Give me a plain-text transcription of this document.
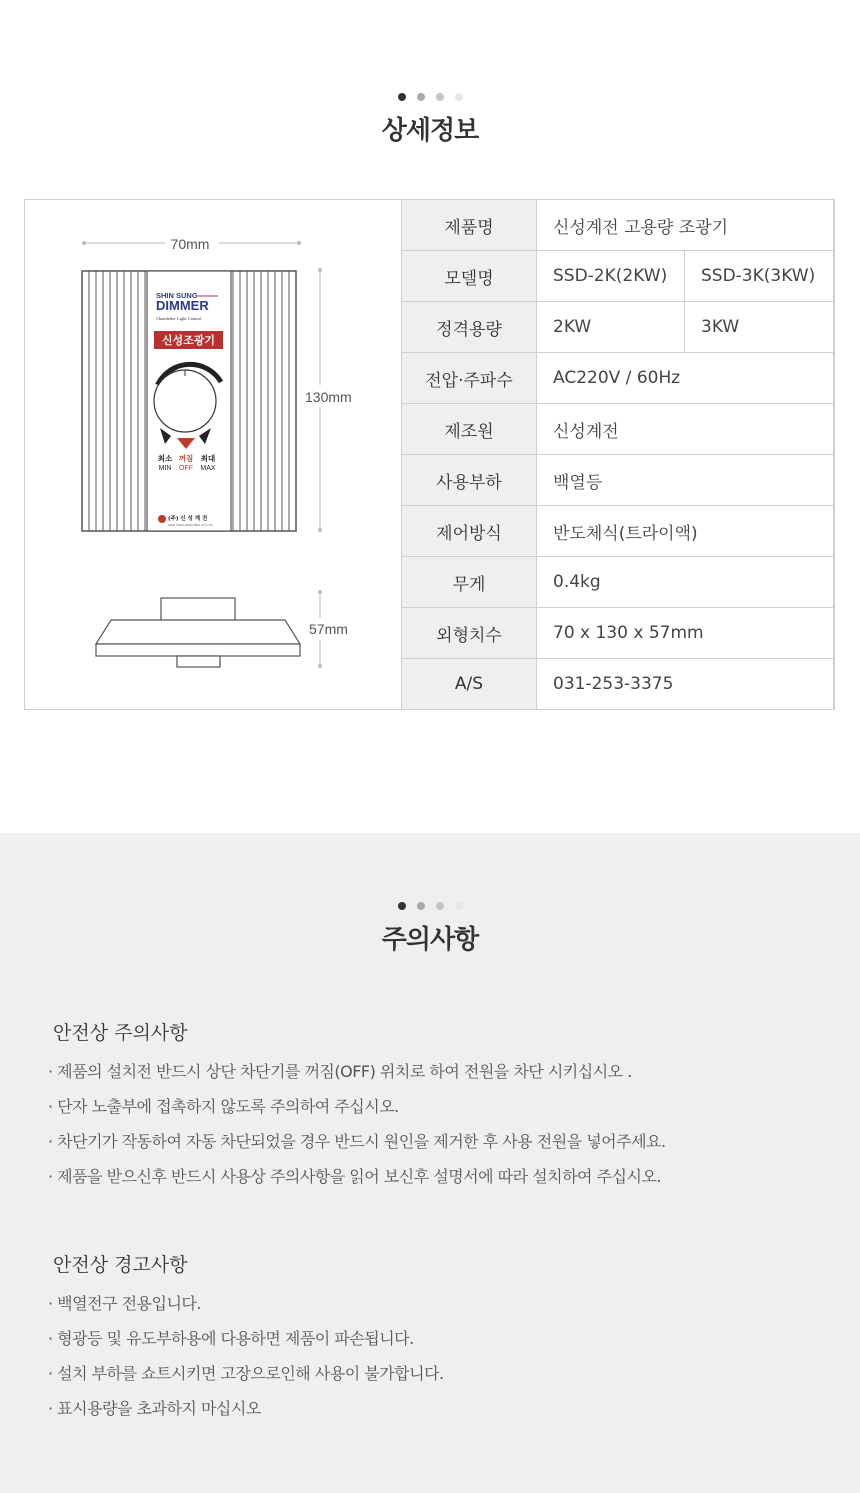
상세정보
70mm
130mm
SHIN SUNG
DIMMER
Chandelier Light Control
신성조광기
최소 꺼짐 최대
MIN OFF MAX
(주) 신 성 계 전
SHIN SUNG ELECTRIC CO.,LTD
57mm
제품명	신성계전 고용량 조광기	
모델명	SSD-2K(2KW)	SSD-3K(3KW)
정격용량	2KW	3KW
전압·주파수	AC220V / 60Hz	
제조원	신성계전	
사용부하	백열등	
제어방식	반도체식(트라이액)	
무게	0.4kg	
외형치수	70 x 130 x 57mm	
A/S	031-253-3375	
주의사항
안전상 주의사항
· 제품의 설치전 반드시 상단 차단기를 꺼짐(OFF) 위치로 하여 전원을 차단 시키십시오 .
· 단자 노출부에 접촉하지 않도록 주의하여 주십시오.
· 차단기가 작동하여 자동 차단되었을 경우 반드시 원인을 제거한 후 사용 전원을 넣어주세요.
· 제품을 받으신후 반드시 사용상 주의사항을 읽어 보신후 설명서에 따라 설치하여 주십시오.
안전상 경고사항
· 백열전구 전용입니다.
· 형광등 및 유도부하용에 다용하면 제품이 파손됩니다.
· 설치 부하를 쇼트시키면 고장으로인해 사용이 불가합니다.
· 표시용량을 초과하지 마십시오
